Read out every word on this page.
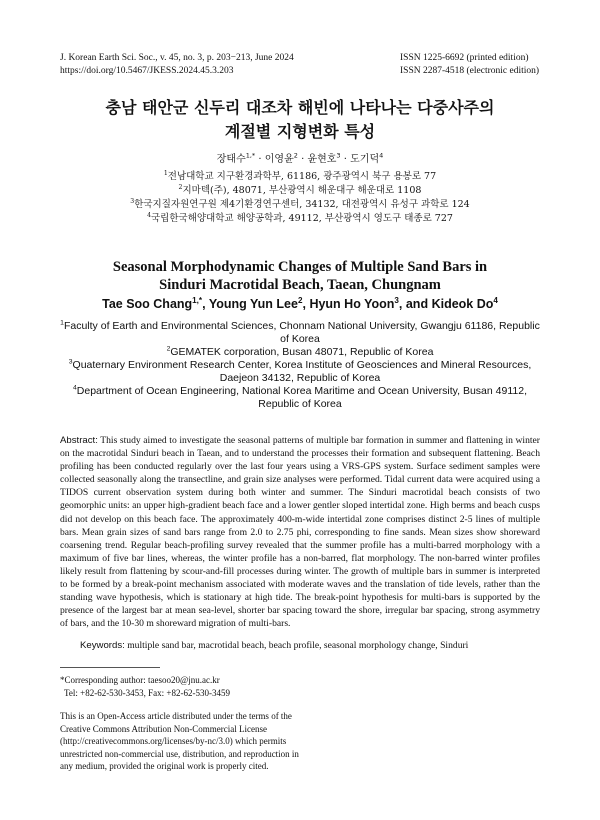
J. Korean Earth Sci. Soc., v. 45, no. 3, p. 203−213, June 2024
https://doi.org/10.5467/JKESS.2024.45.3.203
ISSN 1225-6692 (printed edition)
ISSN 2287-4518 (electronic edition)
충남 태안군 신두리 대조차 해빈에 나타나는 다중사주의
계절별 지형변화 특성
장태수$^{1,*}$ · 이영윤$^2$ · 윤현호$^3$ · 도기덕$^4$
$^1$전남대학교 지구환경과학부, 61186, 광주광역시 북구 용봉로 77
$^2$지마텍(주), 48071, 부산광역시 해운대구 해운대로 1108
$^3$한국지질자원연구원 제4기환경연구센터, 34132, 대전광역시 유성구 과학로 124
$^4$국립한국해양대학교 해양공학과, 49112, 부산광역시 영도구 태종로 727
Seasonal Morphodynamic Changes of Multiple Sand Bars in
Sinduri Macrotidal Beach, Taean, Chungnam
Tae Soo Chang$^{1,*}$, Young Yun Lee$^2$, Hyun Ho Yoon$^3$, and Kideok Do$^4$
$^1$Faculty of Earth and Environmental Sciences, Chonnam National University, Gwangju 61186, Republic of Korea
$^2$GEMATEK corporation, Busan 48071, Republic of Korea
$^3$Quaternary Environment Research Center, Korea Institute of Geosciences and Mineral Resources, Daejeon 34132, Republic of Korea
$^4$Department of Ocean Engineering, National Korea Maritime and Ocean University, Busan 49112, Republic of Korea
Abstract: This study aimed to investigate the seasonal patterns of multiple bar formation in summer and flattening in winter on the macrotidal Sinduri beach in Taean, and to understand the processes their formation and subsequent flattening. Beach profiling has been conducted regularly over the last four years using a VRS-GPS system. Surface sediment samples were collected seasonally along the transectline, and grain size analyses were performed. Tidal current data were acquired using a TIDOS current observation system during both winter and summer. The Sinduri macrotidal beach consists of two geomorphic units: an upper high-gradient beach face and a lower gentler sloped intertidal zone. High berms and beach cusps did not develop on this beach face. The approximately 400-m-wide intertidal zone comprises distinct 2-5 lines of multiple bars. Mean grain sizes of sand bars range from 2.0 to 2.75 phi, corresponding to fine sands. Mean sizes show shoreward coarsening trend. Regular beach-profiling survey revealed that the summer profile has a multi-barred morphology with a maximum of five bar lines, whereas, the winter profile has a non-barred, flat morphology. The non-barred winter profiles likely result from flattening by scour-and-fill processes during winter. The growth of multiple bars in summer is interpreted to be formed by a break-point mechanism associated with moderate waves and the translation of tide levels, rather than the standing wave hypothesis, which is stationary at high tide. The break-point hypothesis for multi-bars is supported by the presence of the largest bar at mean sea-level, shorter bar spacing toward the shore, irregular bar spacing, strong asymmetry of bars, and the 10-30 m shoreward migration of multi-bars.
Keywords: multiple sand bar, macrotidal beach, beach profile, seasonal morphology change, Sinduri
*Corresponding author: taesoo20@jnu.ac.kr
Tel: +82-62-530-3453, Fax: +82-62-530-3459
This is an Open-Access article distributed under the terms of the Creative Commons Attribution Non-Commercial License (http://creativecommons.org/licenses/by-nc/3.0) which permits unrestricted non-commercial use, distribution, and reproduction in any medium, provided the original work is properly cited.
